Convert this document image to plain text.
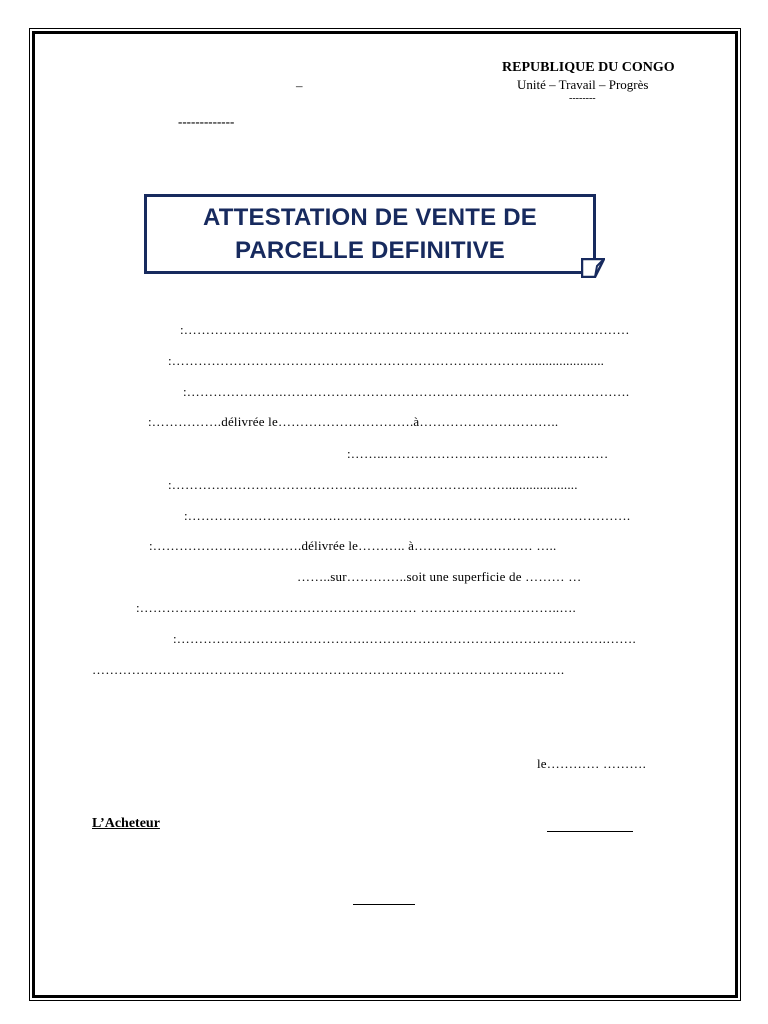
REPUBLIQUE DU CONGO
Unité – Travail – Progrès
--------
–
-------------
ATTESTATION DE VENTE DE
PARCELLE DEFINITIVE
:…………………………………………………………………...……………………
:………………………………………………………………………......................
:………………….…………………………………………………………………….
:…………….délivrée le………………………….à…………………………..
:……..……………………………………………
:…………………………………………….…………………….....................
:…………………………….………………………………………………………….
:…………………………….délivrée le……….. à……………………… …..
……..sur…………..soit une superficie de ……… …
:……………………………………………………… …………………………..….
:…………………………………….……………………………………………….…….
…………………….………………………………………………………………….…….
le………… ……….
L’Acheteur
